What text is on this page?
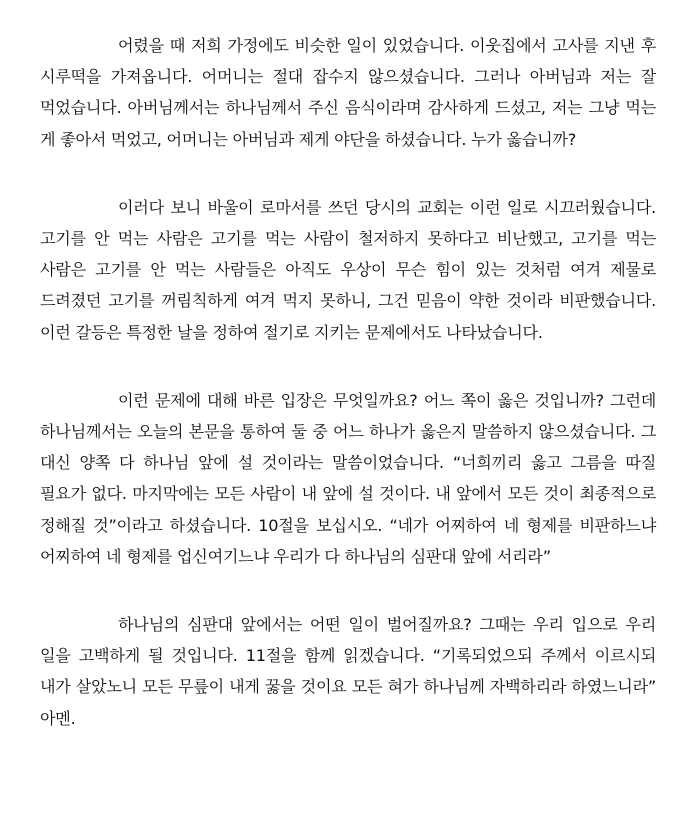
어렸을 때 저희 가정에도 비슷한 일이 있었습니다. 이웃집에서 고사를 지낸 후 시루떡을 가져옵니다. 어머니는 절대 잡수지 않으셨습니다. 그러나 아버님과 저는 잘 먹었습니다. 아버님께서는 하나님께서 주신 음식이라며 감사하게 드셨고, 저는 그냥 먹는 게 좋아서 먹었고, 어머니는 아버님과 제게 야단을 하셨습니다. 누가 옳습니까?

이러다 보니 바울이 로마서를 쓰던 당시의 교회는 이런 일로 시끄러웠습니다. 고기를 안 먹는 사람은 고기를 먹는 사람이 철저하지 못하다고 비난했고, 고기를 먹는 사람은 고기를 안 먹는 사람들은 아직도 우상이 무슨 힘이 있는 것처럼 여겨 제물로 드려졌던 고기를 꺼림칙하게 여겨 먹지 못하니, 그건 믿음이 약한 것이라 비판했습니다. 이런 갈등은 특정한 날을 정하여 절기로 지키는 문제에서도 나타났습니다.

이런 문제에 대해 바른 입장은 무엇일까요? 어느 쪽이 옳은 것입니까? 그런데 하나님께서는 오늘의 본문을 통하여 둘 중 어느 하나가 옳은지 말씀하지 않으셨습니다. 그 대신 양쪽 다 하나님 앞에 설 것이라는 말씀이었습니다. “너희끼리 옳고 그름을 따질 필요가 없다. 마지막에는 모든 사람이 내 앞에 설 것이다. 내 앞에서 모든 것이 최종적으로 정해질 것”이라고 하셨습니다. 10절을 보십시오. “네가 어찌하여 네 형제를 비판하느냐 어찌하여 네 형제를 업신여기느냐 우리가 다 하나님의 심판대 앞에 서리라”

하나님의 심판대 앞에서는 어떤 일이 벌어질까요? 그때는 우리 입으로 우리 일을 고백하게 될 것입니다. 11절을 함께 읽겠습니다. “기록되었으되 주께서 이르시되 내가 살았노니 모든 무릎이 내게 꿇을 것이요 모든 혀가 하나님께 자백하리라 하였느니라” 아멘.
